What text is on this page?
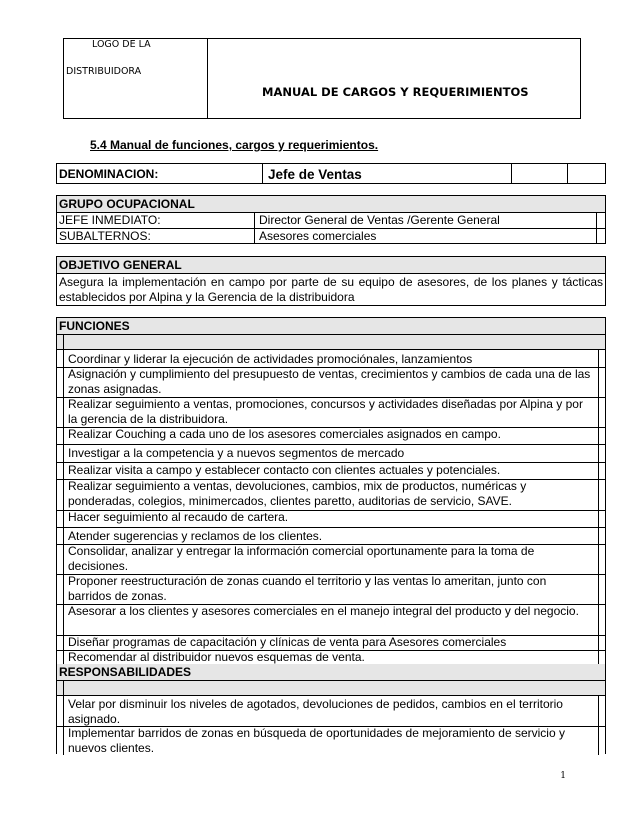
LOGO DE LA
DISTRIBUIDORA
MANUAL DE CARGOS Y REQUERIMIENTOS
5.4 Manual de funciones, cargos y requerimientos.
DENOMINACION:	Jefe de Ventas
GRUPO OCUPACIONAL
JEFE INMEDIATO:	Director General de Ventas /Gerente General
SUBALTERNOS:	Asesores comerciales
OBJETIVO GENERAL
Asegura la implementación en campo por parte de su equipo de asesores, de los planes y tácticas establecidos por Alpina y la Gerencia de la distribuidora
FUNCIONES
Coordinar y liderar la ejecución de actividades promociónales, lanzamientos
Asignación y cumplimiento del presupuesto de ventas, crecimientos y cambios de cada una de las zonas asignadas.
Realizar seguimiento a ventas, promociones, concursos y actividades diseñadas por Alpina y por la gerencia de la distribuidora.
Realizar Couching a cada uno de los asesores comerciales asignados en campo.
Investigar a la competencia y a nuevos segmentos de mercado
Realizar visita a campo y establecer contacto con clientes actuales y potenciales.
Realizar seguimiento a ventas, devoluciones, cambios, mix de productos, numéricas y ponderadas, colegios, minimercados, clientes paretto, auditorias de servicio, SAVE.
Hacer seguimiento al recaudo de cartera.
Atender sugerencias y reclamos de los clientes.
Consolidar, analizar y entregar la información comercial oportunamente para la toma de decisiones.
Proponer reestructuración de zonas cuando el territorio y las ventas lo ameritan, junto con barridos de zonas.
Asesorar a los clientes y asesores comerciales en el manejo integral del producto y del negocio.
Diseñar programas de capacitación y clínicas de venta para Asesores comerciales
Recomendar al distribuidor nuevos esquemas de venta.
RESPONSABILIDADES
Velar por disminuir los niveles de agotados, devoluciones de pedidos, cambios en el territorio asignado.
Implementar barridos de zonas en búsqueda de oportunidades de mejoramiento de servicio y nuevos clientes.
1
